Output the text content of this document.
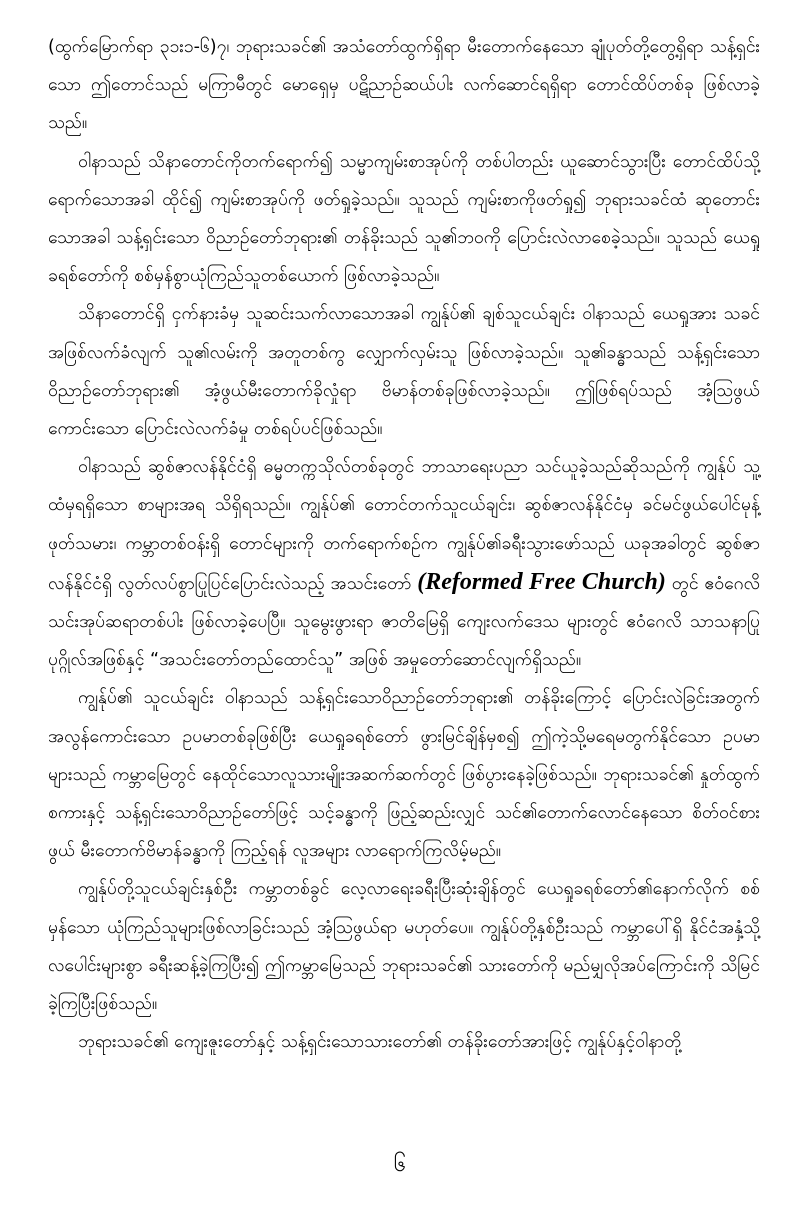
(ထွက်မြောက်ရာ ၃၁း၁-၆)၇၊ ဘုရားသခင်၏ အသံတော်ထွက်ရှိရာ မီးတောက်နေသော ချုံပုတ်တို့တွေ့ရှိရာ သန့်ရှင်းသော ဤတောင်သည် မကြာမီတွင် မောရှေမှ ပဋိညာဉ်ဆယ်ပါး လက်ဆောင်ရရှိရာ တောင်ထိပ်တစ်ခု ဖြစ်လာခဲ့သည်။

ဝါနာသည် သိနာတောင်ကိုတက်ရောက်၍ သမ္မာကျမ်းစာအုပ်ကို တစ်ပါတည်း ယူဆောင်သွားပြီး တောင်ထိပ်သို့ရောက်သောအခါ ထိုင်၍ ကျမ်းစာအုပ်ကို ဖတ်ရှုခဲ့သည်။ သူသည် ကျမ်းစာကိုဖတ်ရှု၍ ဘုရားသခင်ထံ ဆုတောင်းသောအခါ သန့်ရှင်းသော ဝိညာဉ်တော်ဘုရား၏ တန်ခိုးသည် သူ၏ဘဝကို ပြောင်းလဲလာစေခဲ့သည်။ သူသည် ယေရှုခရစ်တော်ကို စစ်မှန်စွာယုံကြည်သူတစ်ယောက် ဖြစ်လာခဲ့သည်။

သိနာတောင်ရှိ ငှက်နားခံမှ သူဆင်းသက်လာသောအခါ ကျွန်ုပ်၏ ချစ်သူငယ်ချင်း ဝါနာသည် ယေရှုအား သခင်အဖြစ်လက်ခံလျက် သူ၏လမ်းကို အတူတစ်ကွ လျှောက်လှမ်းသူ ဖြစ်လာခဲ့သည်။ သူ၏ခန္ဓာသည် သန့်ရှင်းသောဝိညာဉ်တော်ဘုရား၏ အံ့ဖွယ်မီးတောက်ခိုလှုံရာ ဗိမာန်တစ်ခုဖြစ်လာခဲ့သည်။ ဤဖြစ်ရပ်သည် အံ့သြဖွယ်ကောင်းသော ပြောင်းလဲလက်ခံမှု တစ်ရပ်ပင်ဖြစ်သည်။

ဝါနာသည် ဆွစ်ဇာလန်နိုင်ငံရှိ ဓမ္မတက္ကသိုလ်တစ်ခုတွင် ဘာသာရေးပညာ သင်ယူခဲ့သည်ဆိုသည်ကို ကျွန်ုပ် သူ့ထံမှရရှိသော စာများအရ သိရှိရသည်။ ကျွန်ုပ်၏ တောင်တက်သူငယ်ချင်း၊ ဆွစ်ဇာလန်နိုင်ငံမှ ခင်မင်ဖွယ်ပေါင်မုန့်ဖုတ်သမား၊ ကမ္ဘာတစ်ဝန်းရှိ တောင်များကို တက်ရောက်စဉ်က ကျွန်ုပ်၏ခရီးသွားဖော်သည် ယခုအခါတွင် ဆွစ်ဇာလန်နိုင်ငံရှိ လွတ်လပ်စွာပြုပြင်ပြောင်းလဲသည့် အသင်းတော် (Reformed Free Church) တွင် ဧဝံဂေလိ သင်းအုပ်ဆရာတစ်ပါး ဖြစ်လာခဲ့ပေပြီ။ သူမွေးဖွားရာ ဇာတိမြေရှိ ကျေးလက်ဒေသ များတွင် ဧဝံဂေလိ သာသနာပြုပုဂ္ဂိုလ်အဖြစ်နှင့် “အသင်းတော်တည်ထောင်သူ” အဖြစ် အမှုတော်ဆောင်လျက်ရှိသည်။

ကျွန်ုပ်၏ သူငယ်ချင်း ဝါနာသည် သန့်ရှင်းသောဝိညာဉ်တော်ဘုရား၏ တန်ခိုးကြောင့် ပြောင်းလဲခြင်းအတွက် အလွန်ကောင်းသော ဥပမာတစ်ခုဖြစ်ပြီး ယေရှုခရစ်တော် ဖွားမြင်ချိန်မှစ၍ ဤကဲ့သို့မရေမတွက်နိုင်သော ဥပမာများသည် ကမ္ဘာမြေတွင် နေထိုင်သောလူသားမျိုးအဆက်ဆက်တွင် ဖြစ်ပွားနေခဲ့ဖြစ်သည်။ ဘုရားသခင်၏ နှုတ်ထွက်စကားနှင့် သန့်ရှင်းသောဝိညာဉ်တော်ဖြင့် သင့်ခန္ဓာကို ဖြည့်ဆည်းလျှင် သင်၏တောက်လောင်နေသော စိတ်ဝင်စားဖွယ် မီးတောက်ဗိမာန်ခန္ဓာကို ကြည့်ရန် လူအများ လာရောက်ကြလိမ့်မည်။

ကျွန်ုပ်တို့သူငယ်ချင်းနှစ်ဦး ကမ္ဘာတစ်ခွင် လေ့လာရေးခရီးပြီးဆုံးချိန်တွင် ယေရှုခရစ်တော်၏နောက်လိုက် စစ်မှန်သော ယုံကြည်သူများဖြစ်လာခြင်းသည် အံ့သြဖွယ်ရာ မဟုတ်ပေ။ ကျွန်ုပ်တို့နှစ်ဦးသည် ကမ္ဘာပေါ်ရှိ နိုင်ငံအနှံ့သို့ လပေါင်းများစွာ ခရီးဆန့်ခဲ့ကြပြီး၍ ဤကမ္ဘာမြေသည် ဘုရားသခင်၏ သားတော်ကို မည်မျှလိုအပ်ကြောင်းကို သိမြင်ခဲ့ကြပြီးဖြစ်သည်။

ဘုရားသခင်၏ ကျေးဇူးတော်နှင့် သန့်ရှင်းသောသားတော်၏ တန်ခိုးတော်အားဖြင့် ကျွန်ုပ်နှင့်ဝါနာတို့

၆
